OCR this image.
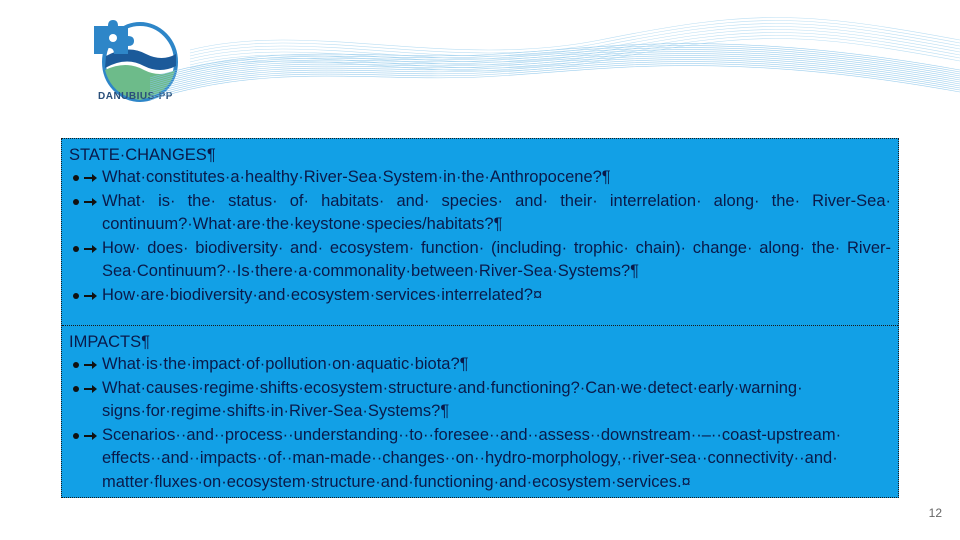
DANUBIUS-PP
STATE·CHANGES¶
What·constitutes·a·healthy·River-Sea·System·in·the·Anthropocene?¶
What· is· the· status· of· habitats· and· species· and· their· interrelation· along· the· River-Sea· continuum?·What·are·the·keystone·species/habitats?¶
How· does· biodiversity· and· ecosystem· function· (including· trophic· chain)· change· along· the· River-Sea·Continuum?··Is·there·a·commonality·between·River-Sea·Systems?¶
How·are·biodiversity·and·ecosystem·services·interrelated?¤
IMPACTS¶
What·is·the·impact·of·pollution·on·aquatic·biota?¶
What·causes·regime·shifts·ecosystem·structure·and·functioning?·Can·we·detect·early·warning· signs·for·regime·shifts·in·River-Sea·Systems?¶
Scenarios··and··process··understanding··to··foresee··and··assess··downstream··–··coast-upstream· effects··and··impacts··of··man-made··changes··on··hydro-morphology,··river-sea··connectivity··and· matter·fluxes·on·ecosystem·structure·and·functioning·and·ecosystem·services.¤
12
